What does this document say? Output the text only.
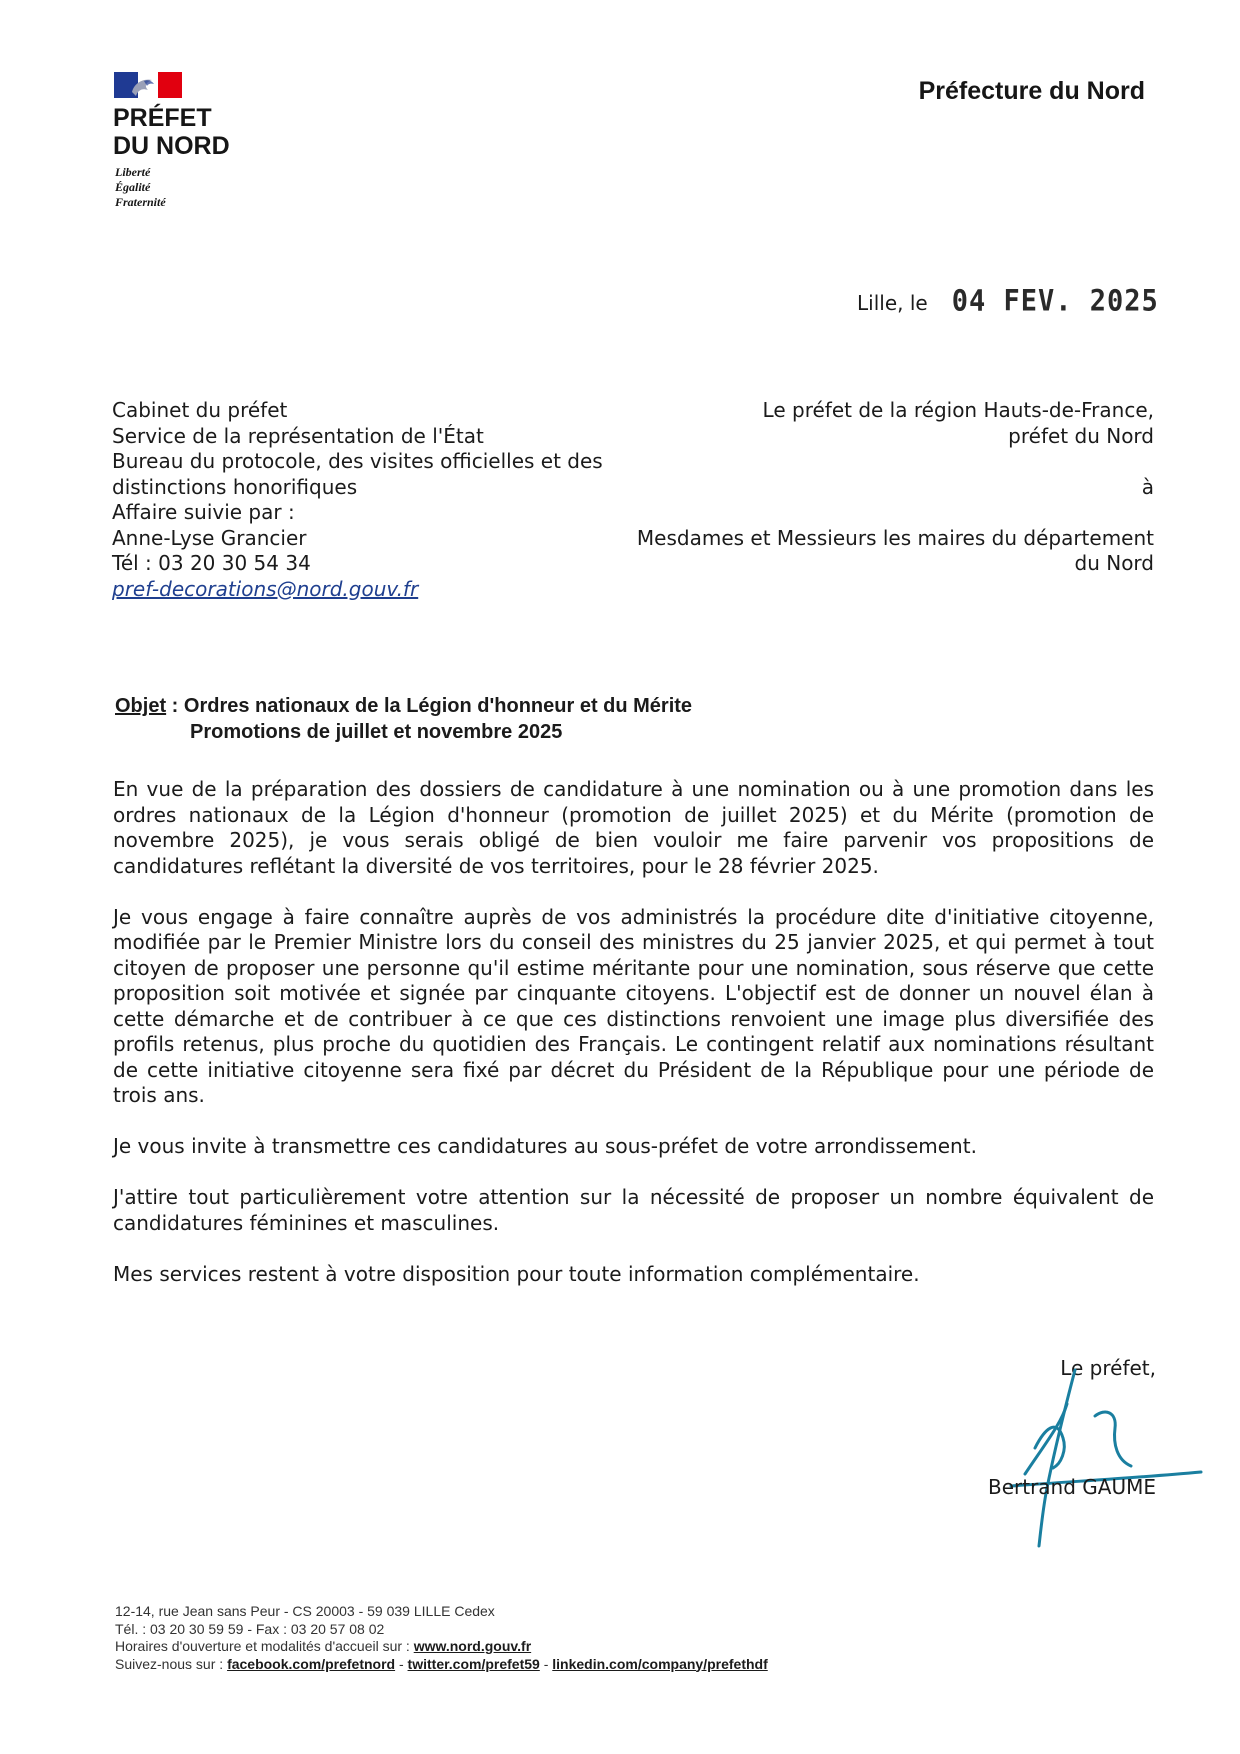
PRÉFET
DU NORD
Liberté
Égalité
Fraternité
Préfecture du Nord
Lille, le 04 FEV. 2025
Cabinet du préfet
Service de la représentation de l'État
Bureau du protocole, des visites officielles et des
distinctions honorifiques
Affaire suivie par :
Anne-Lyse Grancier
Tél : 03 20 30 54 34
pref-decorations@nord.gouv.fr
Le préfet de la région Hauts-de-France,
préfet du Nord
à
Mesdames et Messieurs les maires du département
du Nord
Objet : Ordres nationaux de la Légion d'honneur et du Mérite
Promotions de juillet et novembre 2025

En vue de la préparation des dossiers de candidature à une nomination ou à une promotion dans les ordres nationaux de la Légion d'honneur (promotion de juillet 2025) et du Mérite (promotion de novembre 2025), je vous serais obligé de bien vouloir me faire parvenir vos propositions de candidatures reflétant la diversité de vos territoires, pour le 28 février 2025.

Je vous engage à faire connaître auprès de vos administrés la procédure dite d'initiative citoyenne, modifiée par le Premier Ministre lors du conseil des ministres du 25 janvier 2025, et qui permet à tout citoyen de proposer une personne qu'il estime méritante pour une nomination, sous réserve que cette proposition soit motivée et signée par cinquante citoyens. L'objectif est de donner un nouvel élan à cette démarche et de contribuer à ce que ces distinctions renvoient une image plus diversifiée des profils retenus, plus proche du quotidien des Français. Le contingent relatif aux nominations résultant de cette initiative citoyenne sera fixé par décret du Président de la République pour une période de trois ans.

Je vous invite à transmettre ces candidatures au sous-préfet de votre arrondissement.

J'attire tout particulièrement votre attention sur la nécessité de proposer un nombre équivalent de candidatures féminines et masculines.

Mes services restent à votre disposition pour toute information complémentaire.

Le préfet,
Bertrand GAUME
12-14, rue Jean sans Peur - CS 20003 - 59 039 LILLE Cedex
Tél. : 03 20 30 59 59 - Fax : 03 20 57 08 02
Horaires d'ouverture et modalités d'accueil sur : www.nord.gouv.fr
Suivez-nous sur : facebook.com/prefetnord - twitter.com/prefet59 - linkedin.com/company/prefethdf
